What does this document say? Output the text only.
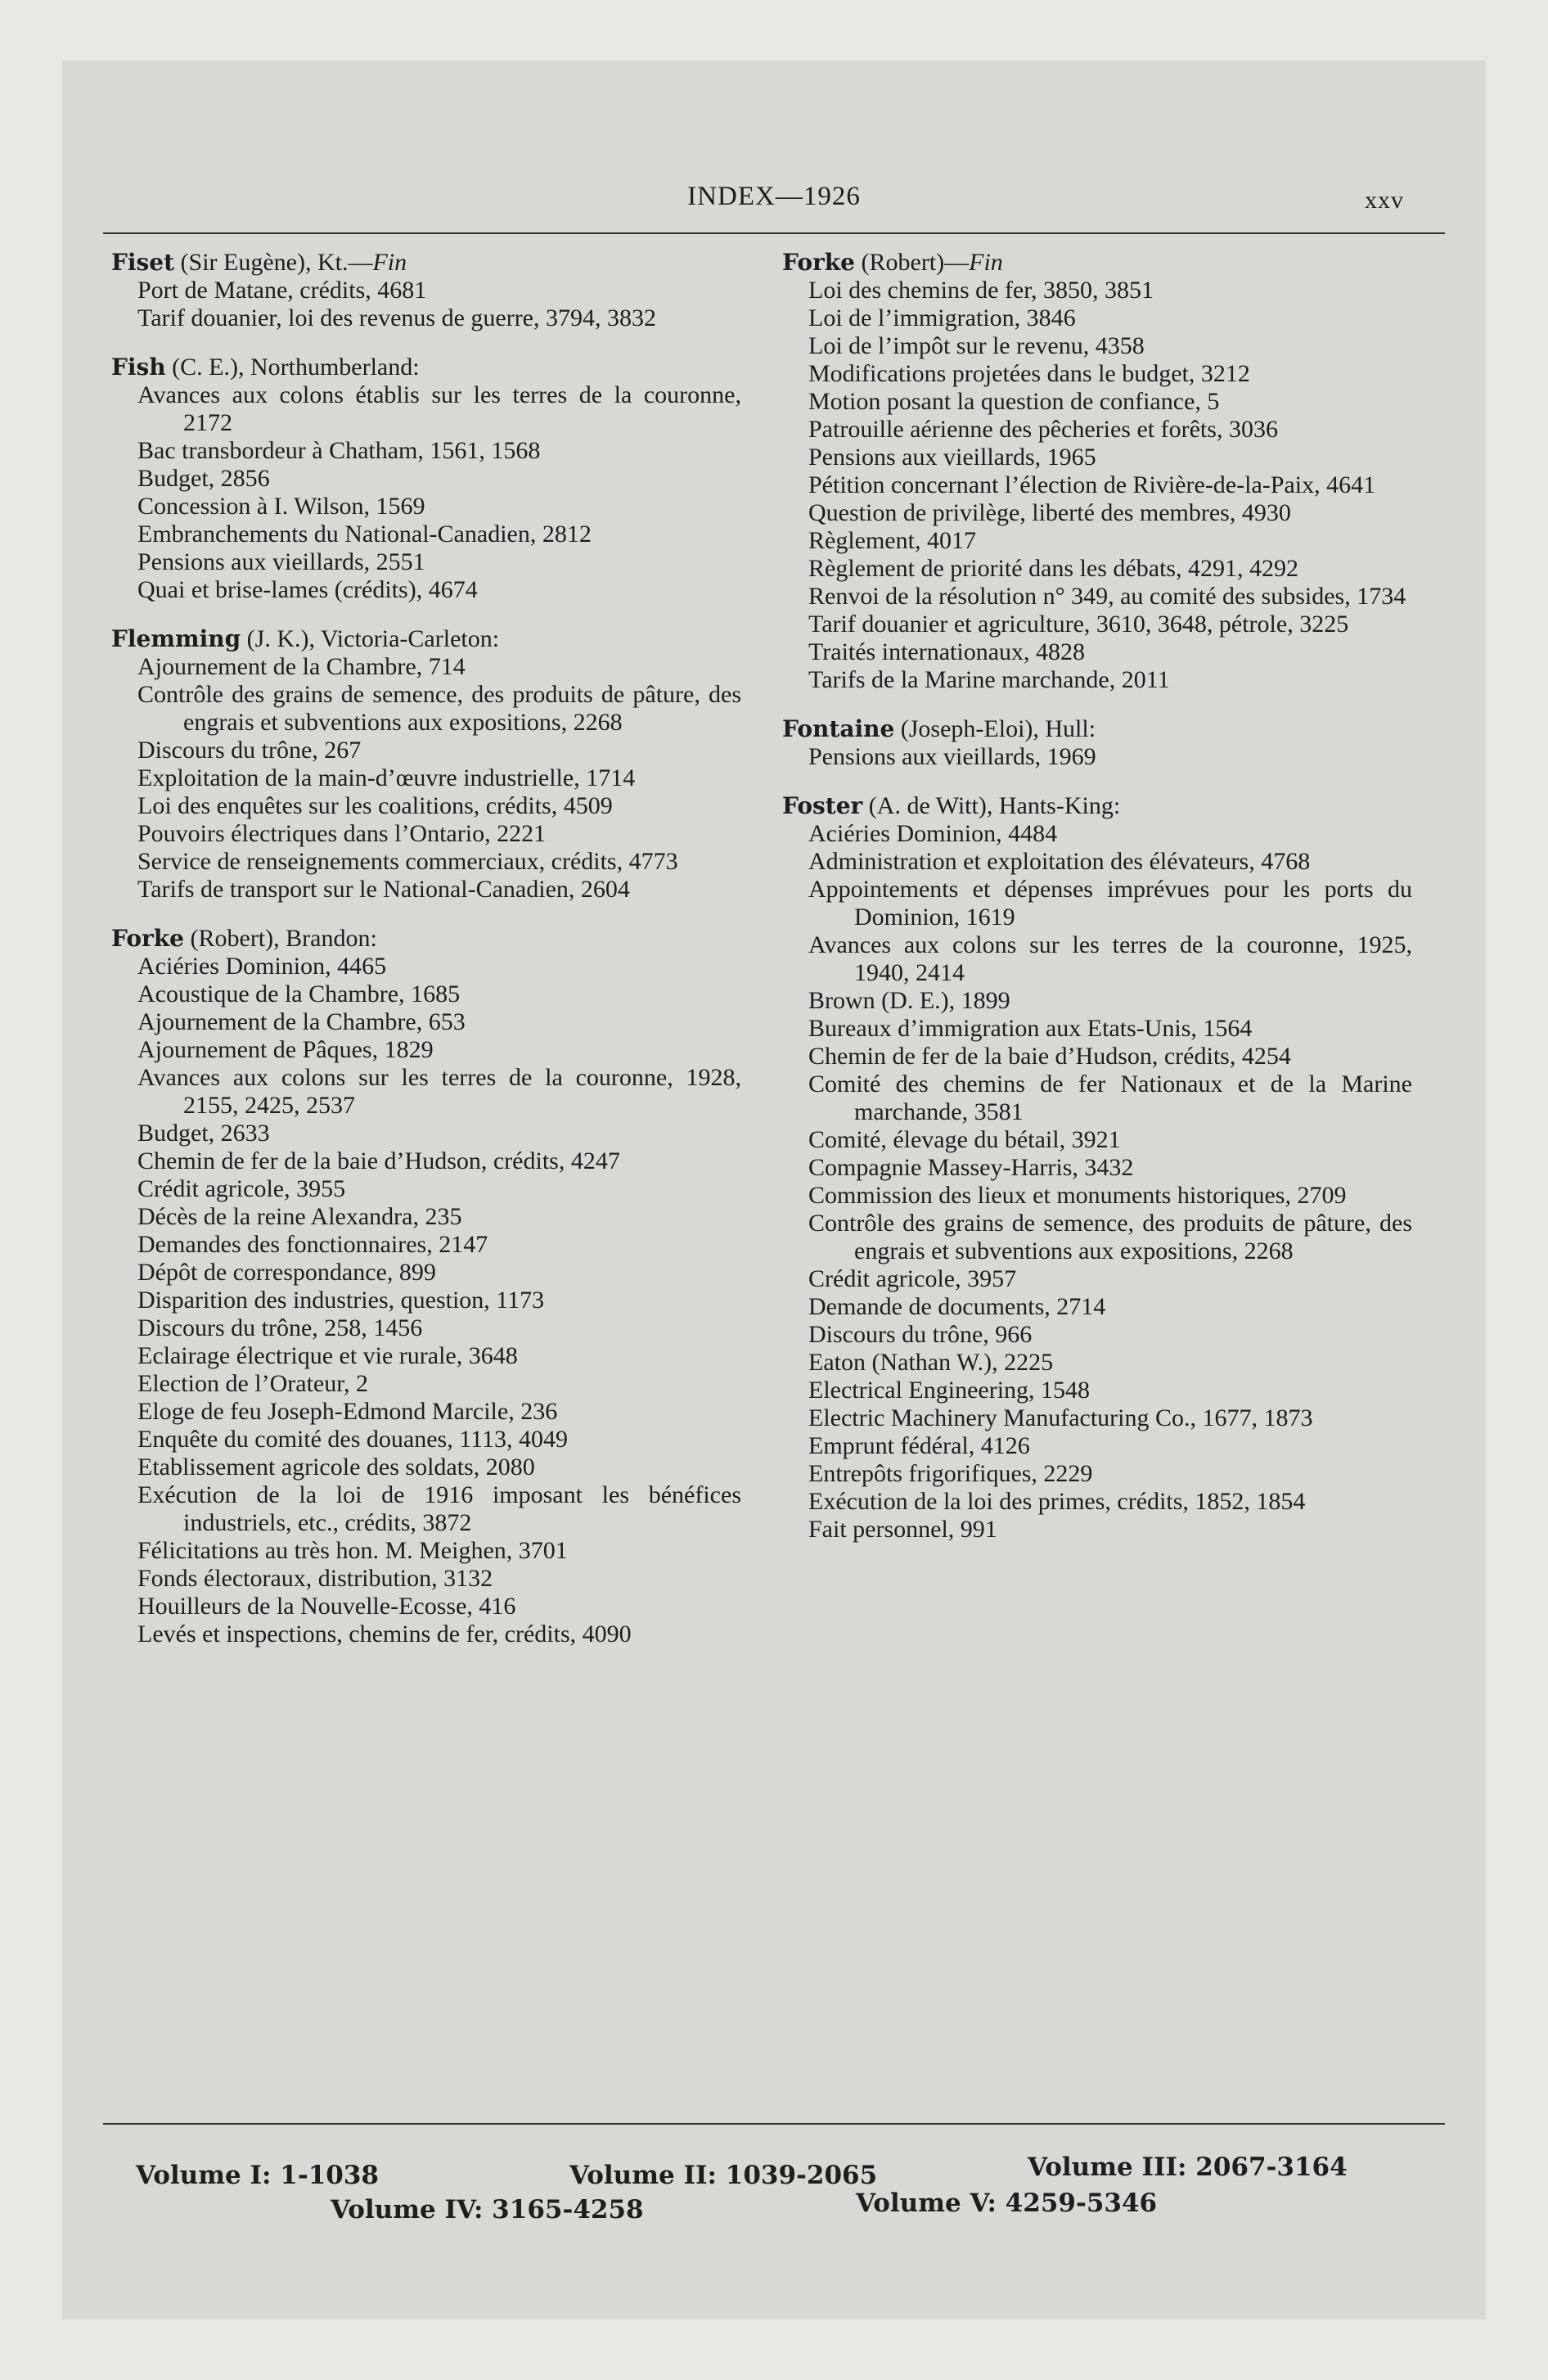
INDEX—1926	xxv
Fiset (Sir Eugène), Kt.—Fin
Port de Matane, crédits, 4681
Tarif douanier, loi des revenus de guerre, 3794, 3832
Fish (C. E.), Northumberland:
Avances aux colons établis sur les terres de la couronne, 2172
Bac transbordeur à Chatham, 1561, 1568
Budget, 2856
Concession à I. Wilson, 1569
Embranchements du National-Canadien, 2812
Pensions aux vieillards, 2551
Quai et brise-lames (crédits), 4674
Flemming (J. K.), Victoria-Carleton:
Ajournement de la Chambre, 714
Contrôle des grains de semence, des produits de pâture, des engrais et subventions aux expositions, 2268
Discours du trône, 267
Exploitation de la main-d’œuvre industrielle, 1714
Loi des enquêtes sur les coalitions, crédits, 4509
Pouvoirs électriques dans l’Ontario, 2221
Service de renseignements commerciaux, crédits, 4773
Tarifs de transport sur le National-Canadien, 2604
Forke (Robert), Brandon:
Aciéries Dominion, 4465
Acoustique de la Chambre, 1685
Ajournement de la Chambre, 653
Ajournement de Pâques, 1829
Avances aux colons sur les terres de la couronne, 1928, 2155, 2425, 2537
Budget, 2633
Chemin de fer de la baie d’Hudson, crédits, 4247
Crédit agricole, 3955
Décès de la reine Alexandra, 235
Demandes des fonctionnaires, 2147
Dépôt de correspondance, 899
Disparition des industries, question, 1173
Discours du trône, 258, 1456
Eclairage électrique et vie rurale, 3648
Election de l’Orateur, 2
Eloge de feu Joseph-Edmond Marcile, 236
Enquête du comité des douanes, 1113, 4049
Etablissement agricole des soldats, 2080
Exécution de la loi de 1916 imposant les bénéfices industriels, etc., crédits, 3872
Félicitations au très hon. M. Meighen, 3701
Fonds électoraux, distribution, 3132
Houilleurs de la Nouvelle-Ecosse, 416
Levés et inspections, chemins de fer, crédits, 4090
Forke (Robert)—Fin
Loi des chemins de fer, 3850, 3851
Loi de l’immigration, 3846
Loi de l’impôt sur le revenu, 4358
Modifications projetées dans le budget, 3212
Motion posant la question de confiance, 5
Patrouille aérienne des pêcheries et forêts, 3036
Pensions aux vieillards, 1965
Pétition concernant l’élection de Rivière-de-la-Paix, 4641
Question de privilège, liberté des membres, 4930
Règlement, 4017
Règlement de priorité dans les débats, 4291, 4292
Renvoi de la résolution n° 349, au comité des subsides, 1734
Tarif douanier et agriculture, 3610, 3648, pétrole, 3225
Traités internationaux, 4828
Tarifs de la Marine marchande, 2011
Fontaine (Joseph-Eloi), Hull:
Pensions aux vieillards, 1969
Foster (A. de Witt), Hants-King:
Aciéries Dominion, 4484
Administration et exploitation des élévateurs, 4768
Appointements et dépenses imprévues pour les ports du Dominion, 1619
Avances aux colons sur les terres de la couronne, 1925, 1940, 2414
Brown (D. E.), 1899
Bureaux d’immigration aux Etats-Unis, 1564
Chemin de fer de la baie d’Hudson, crédits, 4254
Comité des chemins de fer Nationaux et de la Marine marchande, 3581
Comité, élevage du bétail, 3921
Compagnie Massey-Harris, 3432
Commission des lieux et monuments historiques, 2709
Contrôle des grains de semence, des produits de pâture, des engrais et subventions aux expositions, 2268
Crédit agricole, 3957
Demande de documents, 2714
Discours du trône, 966
Eaton (Nathan W.), 2225
Electrical Engineering, 1548
Electric Machinery Manufacturing Co., 1677, 1873
Emprunt fédéral, 4126
Entrepôts frigorifiques, 2229
Exécution de la loi des primes, crédits, 1852, 1854
Fait personnel, 991
Volume I: 1-1038	Volume II: 1039-2065	Volume III: 2067-3164
Volume IV: 3165-4258	Volume V: 4259-5346
